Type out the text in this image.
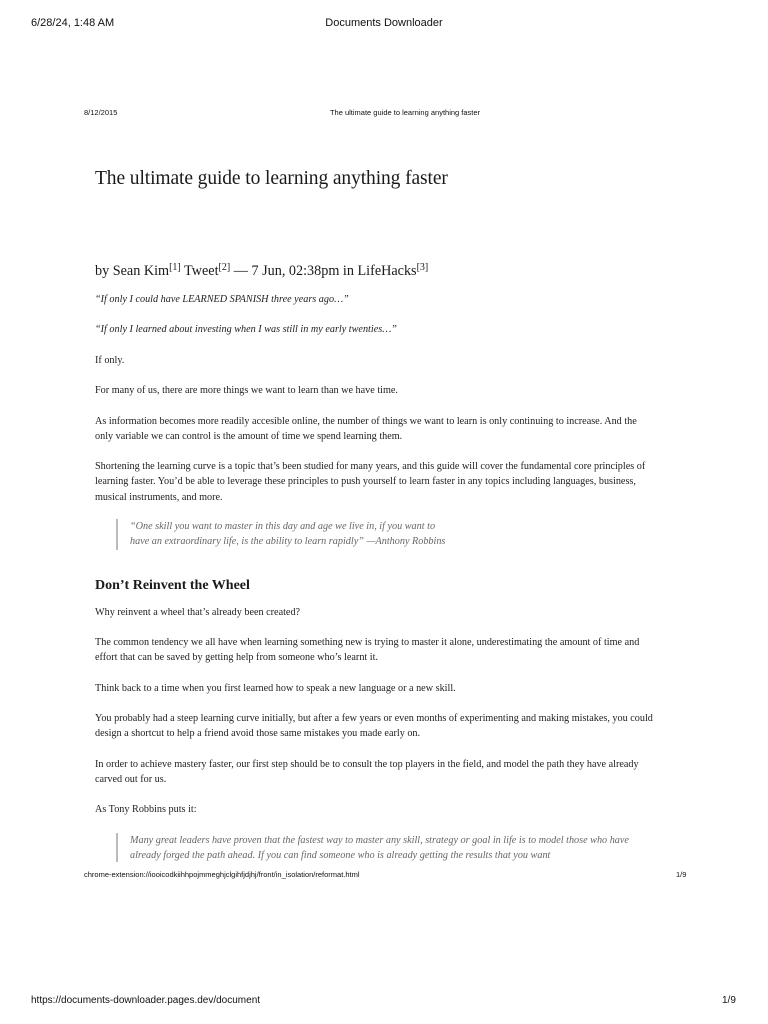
6/28/24, 1:48 AM	Documents Downloader
8/12/2015	The ultimate guide to learning anything faster
The ultimate guide to learning anything faster
by Sean Kim[1] Tweet[2] — 7 Jun, 02:38pm in LifeHacks[3]

“If only I could have LEARNED SPANISH three years ago…”

“If only I learned about investing when I was still in my early twenties…”

If only.

For many of us, there are more things we want to learn than we have time.

As information becomes more readily accesible online, the number of things we want to learn is only continuing to increase. And the only variable we can control is the amount of time we spend learning them.

Shortening the learning curve is a topic that’s been studied for many years, and this guide will cover the fundamental core principles of learning faster. You’d be able to leverage these principles to push yourself to learn faster in any topics including languages, business, musical instruments, and more.

“One skill you want to master in this day and age we live in, if you want to

have an extraordinary life, is the ability to learn rapidly” —Anthony Robbins

Don’t Reinvent the Wheel

Why reinvent a wheel that’s already been created?

The common tendency we all have when learning something new is trying to master it alone, underestimating the amount of time and effort that can be saved by getting help from someone who’s learnt it.

Think back to a time when you first learned how to speak a new language or a new skill.

You probably had a steep learning curve initially, but after a few years or even months of experimenting and making mistakes, you could design a shortcut to help a friend avoid those same mistakes you made early on.

In order to achieve mastery faster, our first step should be to consult the top players in the field, and model the path they have already carved out for us.

As Tony Robbins puts it:

Many great leaders have proven that the fastest way to master any skill, strategy or goal in life is to model those who have already forged the path ahead. If you can find someone who is already getting the results that you want

chrome-extension://iooicodkiihhpojmmeghjclgihfjdjhj/front/in_isolation/reformat.html	1/9
https://documents-downloader.pages.dev/document	1/9
